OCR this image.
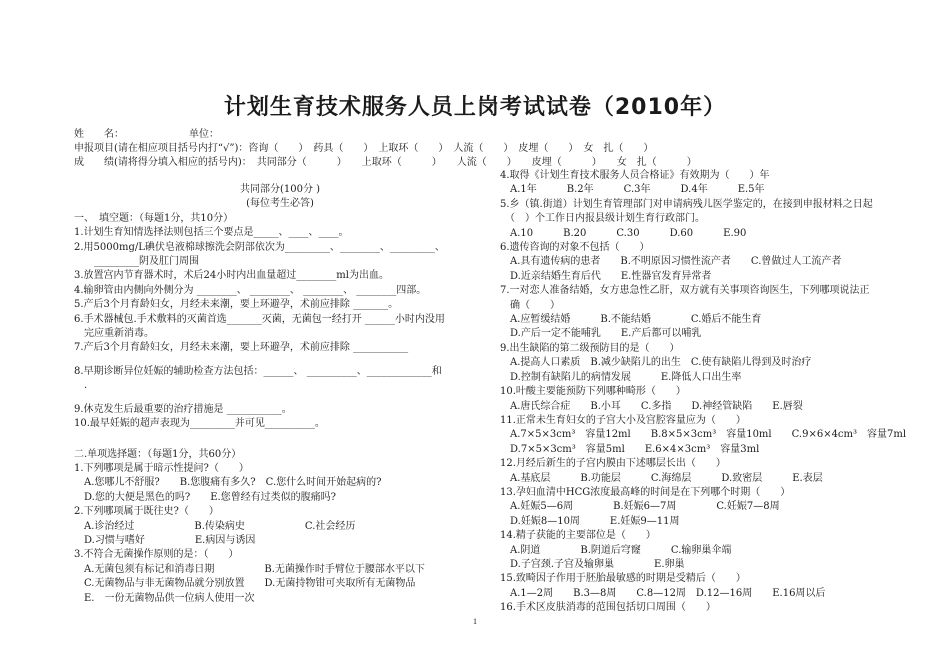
计划生育技术服务人员上岗考试试卷（2010年）
姓　　名：　　　　　　　单位：
申报项目(请在相应项目括号内打“√”)：咨询（　　）　药具（　　）　上取环（　　）　人流（　　）　皮埋（　　）　女　扎（　　）
成　　绩(请将得分填入相应的括号内)：　共同部分（　　　）　　上取环（　　　）　　人流（　　）　　皮埋（　　　）　　女　扎（　　　）
共同部分(100分 )
(每位考生必答)
一、　填空题：（每题1分，共10分）
1.计划生育知情选择法则包括三个要点是_____、____、____。
2.用5000mg/L碘伏皂液棉球擦洗会阴部依次为_________、________、_________、
　　_________阴及肛门周围
3.放置宫内节育器术时，术后24小时内出血量超过________ml为出血。
4.输卵管由内侧向外侧分为 ________、 ________、 ________、 ________四部。
5.产后3个月育龄妇女，月经未来潮，要上环避孕，术前应排除 _______。
6.手术器械包.手术敷料的灭菌首选_______灭菌，无菌包一经打开 ______小时内没用
　完应重新消毒。
7.产后3个月育龄妇女，月经未来潮，要上环避孕，术前应排除 ___________
8.早期诊断异位妊娠的辅助检查方法包括：______、 __________、_____________和
　.
9.休克发生后最重要的治疗措施是 ___________。
10.最早妊娠的超声表现为_________并可见__________。
二.单项选择题：（每题1分，共60分）
1.下列哪项是属于暗示性提问?（　　）
　A.您哪儿不舒服?　　B.您腹痛有多久?　C.您什么时间开始起病的?
　D.您的大便是黑色的吗?　　E.您曾经有过类似的腹痛吗?
2.下列哪项属于既往史?（　　）
　A.诊治经过　　　　　　B.传染病史　　　　　　C.社会经历
　D.习惯与嗜好　　　　　E.病因与诱因
3.不符合无菌操作原则的是：（　　）
　A.无菌包须有标记和消毒日期　　　　　B.无菌操作时手臂位于腰部水平以下
　C.无菌物品与非无菌物品就分别放置　　D.无菌持物钳可夹取所有无菌物品
　E.　一份无菌物品供一位病人使用一次
4.取得《计划生育技术服务人员合格证》有效期为（　　）年
　A.1年　　　B.2年　　　C.3年　　　D.4年　　　E.5年
5.乡（镇.街道）计划生育管理部门对申请病残儿医学鉴定的，在接到申报材料之日起
　（　）个工作日内报县级计划生育行政部门。
　A.10　　　B.20　　　C.30　　　D.60　　　E.90
6.遗传咨询的对象不包括（　　）
　A.具有遗传病的患者　　B.不明原因习惯性流产者　　C.曾做过人工流产者
　D.近亲结婚生育后代　　E.性器官发育异常者
7.一对恋人准备结婚，女方患急性乙肝，双方就有关事项咨询医生，下列哪项说法正
　确（　　）
　A.应暂缓结婚　　　B.不能结婚　　　　C.婚后不能生育
　D.产后一定不能哺乳　　E.产后都可以哺乳
9.出生缺陷的第二级预防目的是（　　）
　A.提高人口素质　B.减少缺陷儿的出生　C.使有缺陷儿得到及时治疗
　D.控制有缺陷儿的病情发展　　　E.降低人口出生率
10.叶酸主要能预防下列哪种畸形（　　）
　A.唐氏综合症　　B.小耳　　C.多指　　D.神经管缺陷　　E.唇裂
11.正常未生育妇女的子宫大小及宫腔容量应为（　　）
　A.7×5×3cm³　容量12ml　　B.8×5×3cm³　容量10ml　　C.9×6×4cm³　容量7ml
　D.7×5×3cm³　容量5ml　　E.6×4×3cm³　容量3ml
12.月经后新生的子宫内膜由下述哪层长出（　　）
　A.基底层　　　B.功能层　　　C.海绵层　　　D.致密层　　　E.表层
13.孕妇血清中HCG浓度最高峰的时间是在下列哪个时期（　　）
　A.妊娠5—6周　　　　B.妊娠6—7周　　　　C.妊娠7—8周
　D.妊娠8—10周　　　E.妊娠9—11周
14.精子获能的主要部位是（　　）
　A.阴道　　　　B.阴道后穹窿　　　C.输卵巢伞端
　D.子宫颈.子宫及输卵巢　　　　E.卵巢
15.致畸因子作用于胚胎最敏感的时期是受精后（　　）
　A.1—2周　　B.3—8周　　C.8—12周　D.12—16周　　E.16周以后
16.手术区皮肤消毒的范围包括切口周围（　　）
1
